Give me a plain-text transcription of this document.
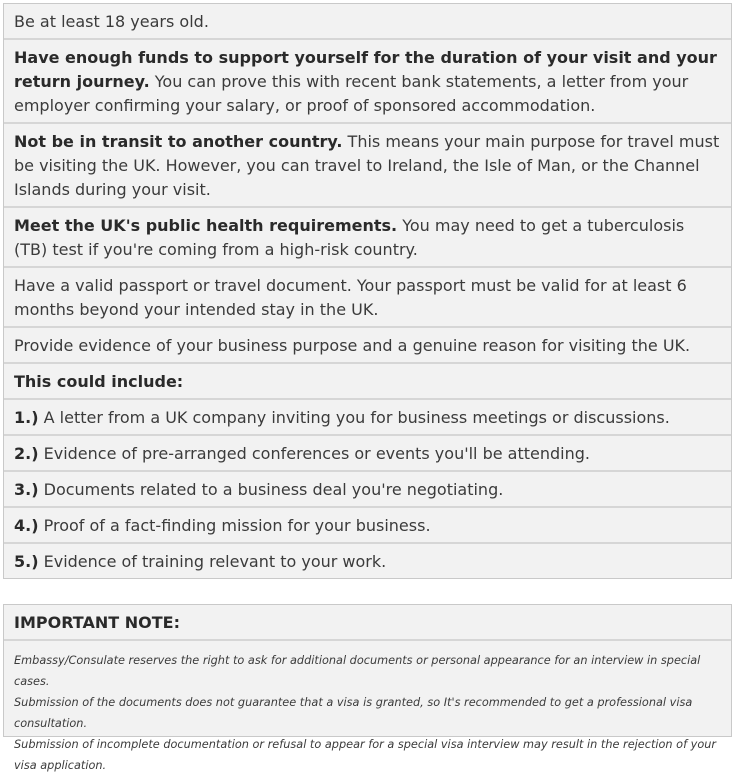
Be at least 18 years old.
Have enough funds to support yourself for the duration of your visit and your return journey. You can prove this with recent bank statements, a letter from your employer confirming your salary, or proof of sponsored accommodation.
Not be in transit to another country. This means your main purpose for travel must be visiting the UK. However, you can travel to Ireland, the Isle of Man, or the Channel Islands during your visit.
Meet the UK's public health requirements. You may need to get a tuberculosis (TB) test if you're coming from a high-risk country.
Have a valid passport or travel document. Your passport must be valid for at least 6 months beyond your intended stay in the UK.
Provide evidence of your business purpose and a genuine reason for visiting the UK.
This could include:
1.) A letter from a UK company inviting you for business meetings or discussions.
2.) Evidence of pre-arranged conferences or events you'll be attending.
3.) Documents related to a business deal you're negotiating.
4.) Proof of a fact-finding mission for your business.
5.) Evidence of training relevant to your work.
IMPORTANT NOTE:
Embassy/Consulate reserves the right to ask for additional documents or personal appearance for an interview in special cases.
Submission of the documents does not guarantee that a visa is granted, so It's recommended to get a professional visa consultation.
Submission of incomplete documentation or refusal to appear for a special visa interview may result in the rejection of your visa application.
